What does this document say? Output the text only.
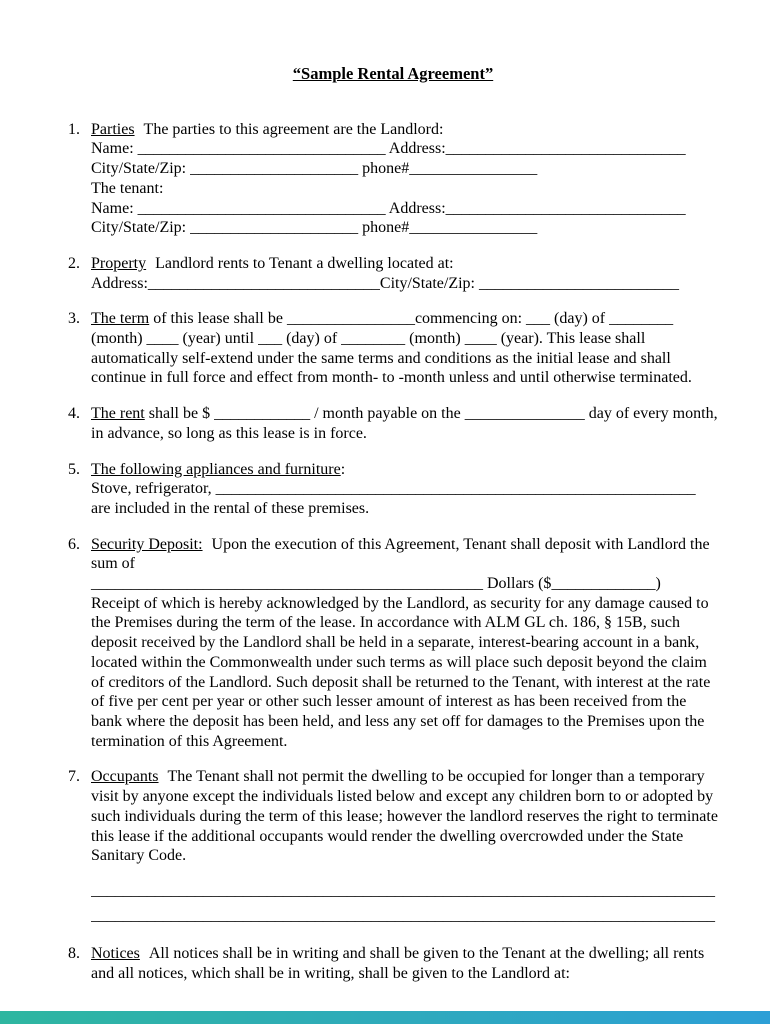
“Sample Rental Agreement”
1. Parties The parties to this agreement are the Landlord:
Name: _______________________________ Address:______________________________
City/State/Zip: _____________________ phone#________________
The tenant:
Name: _______________________________ Address:______________________________
City/State/Zip: _____________________ phone#________________
2. Property Landlord rents to Tenant a dwelling located at:
Address:_____________________________City/State/Zip: _________________________
3. The term of this lease shall be ________________commencing on: ___ (day) of ________ (month) ____ (year) until ___ (day) of ________ (month) ____ (year). This lease shall automatically self-extend under the same terms and conditions as the initial lease and shall continue in full force and effect from month- to -month unless and until otherwise terminated.
4. The rent shall be $ ____________ / month payable on the _______________ day of every month, in advance, so long as this lease is in force.
5. The following appliances and furniture:
Stove, refrigerator, ____________________________________________________________
are included in the rental of these premises.
6. Security Deposit: Upon the execution of this Agreement, Tenant shall deposit with Landlord the sum of
_________________________________________________ Dollars ($_____________)
Receipt of which is hereby acknowledged by the Landlord, as security for any damage caused to the Premises during the term of the lease. In accordance with ALM GL ch. 186, § 15B, such deposit received by the Landlord shall be held in a separate, interest-bearing account in a bank, located within the Commonwealth under such terms as will place such deposit beyond the claim of creditors of the Landlord. Such deposit shall be returned to the Tenant, with interest at the rate of five per cent per year or other such lesser amount of interest as has been received from the bank where the deposit has been held, and less any set off for damages to the Premises upon the termination of this Agreement.
7. Occupants The Tenant shall not permit the dwelling to be occupied for longer than a temporary visit by anyone except the individuals listed below and except any children born to or adopted by such individuals during the term of this lease; however the landlord reserves the right to terminate this lease if the additional occupants would render the dwelling overcrowded under the State Sanitary Code.
______________________________________________________________________________
______________________________________________________________________________
8. Notices All notices shall be in writing and shall be given to the Tenant at the dwelling; all rents and all notices, which shall be in writing, shall be given to the Landlord at:
